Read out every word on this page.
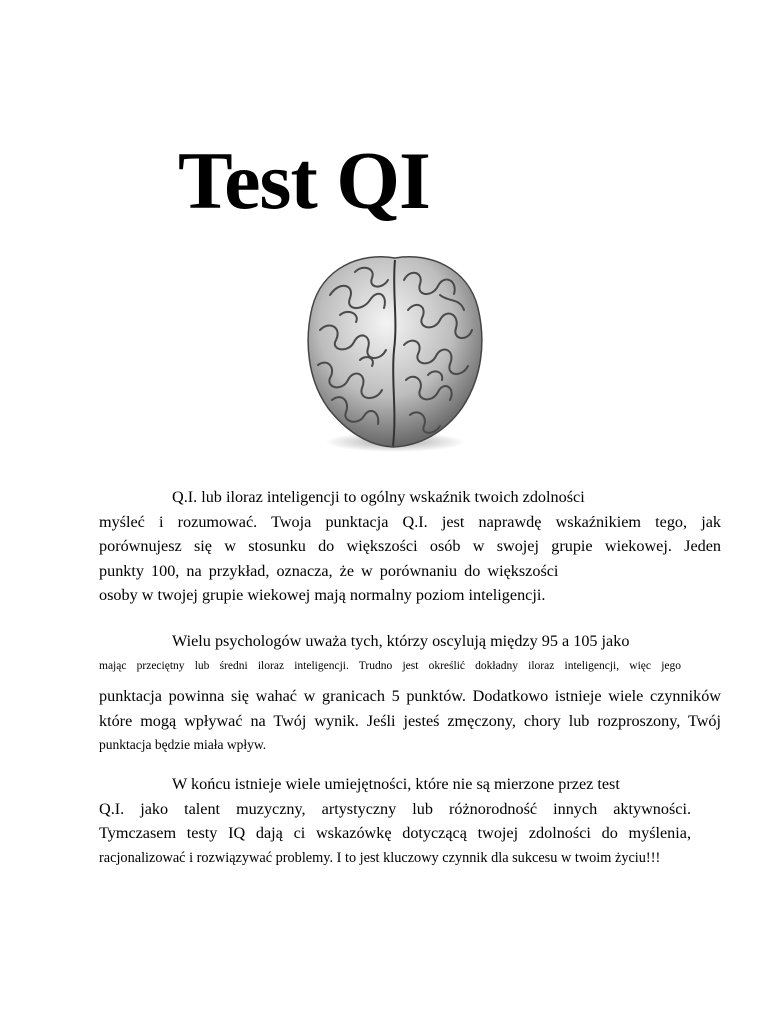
Test QI
Q.I. lub iloraz inteligencji to ogólny wskaźnik twoich zdolności
myśleć i rozumować. Twoja punktacja Q.I. jest naprawdę wskaźnikiem tego, jak
porównujesz się w stosunku do większości osób w swojej grupie wiekowej. Jeden
punkty 100, na przykład, oznacza, że w porównaniu do większości
osoby w twojej grupie wiekowej mają normalny poziom inteligencji.
Wielu psychologów uważa tych, którzy oscylują między 95 a 105 jako
mając przeciętny lub średni iloraz inteligencji. Trudno jest określić dokładny iloraz inteligencji, więc jego
punktacja powinna się wahać w granicach 5 punktów. Dodatkowo istnieje wiele czynników
które mogą wpływać na Twój wynik. Jeśli jesteś zmęczony, chory lub rozproszony, Twój
punktacja będzie miała wpływ.
W końcu istnieje wiele umiejętności, które nie są mierzone przez test
Q.I. jako talent muzyczny, artystyczny lub różnorodność innych aktywności.
Tymczasem testy IQ dają ci wskazówkę dotyczącą twojej zdolności do myślenia,
racjonalizować i rozwiązywać problemy. I to jest kluczowy czynnik dla sukcesu w twoim życiu!!!
